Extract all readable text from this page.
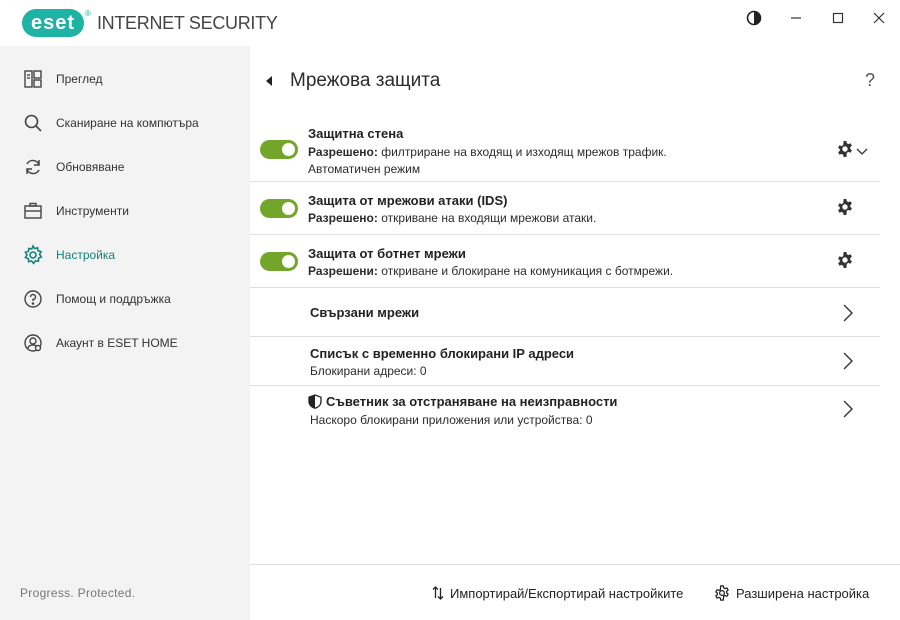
eset	® INTERNET SECURITY
Преглед
Сканиране на компютъра
Обновяване
Инструменти
Настройка
Помощ и поддръжка
Акаунт в ESET HOME
Progress. Protected.
Мрежова защита	?
Защитна стена
Разрешено: филтриране на входящ и изходящ мрежов трафик.
Автоматичен режим
Защита от мрежови атаки (IDS)
Разрешено: откриване на входящи мрежови атаки.
Защита от ботнет мрежи
Разрешени: откриване и блокиране на комуникация с ботмрежи.
Свързани мрежи
Списък с временно блокирани IP адреси
Блокирани адреси: 0
Съветник за отстраняване на неизправности
Наскоро блокирани приложения или устройства: 0
Импортирай/Експортирай настройките	Разширена настройка
